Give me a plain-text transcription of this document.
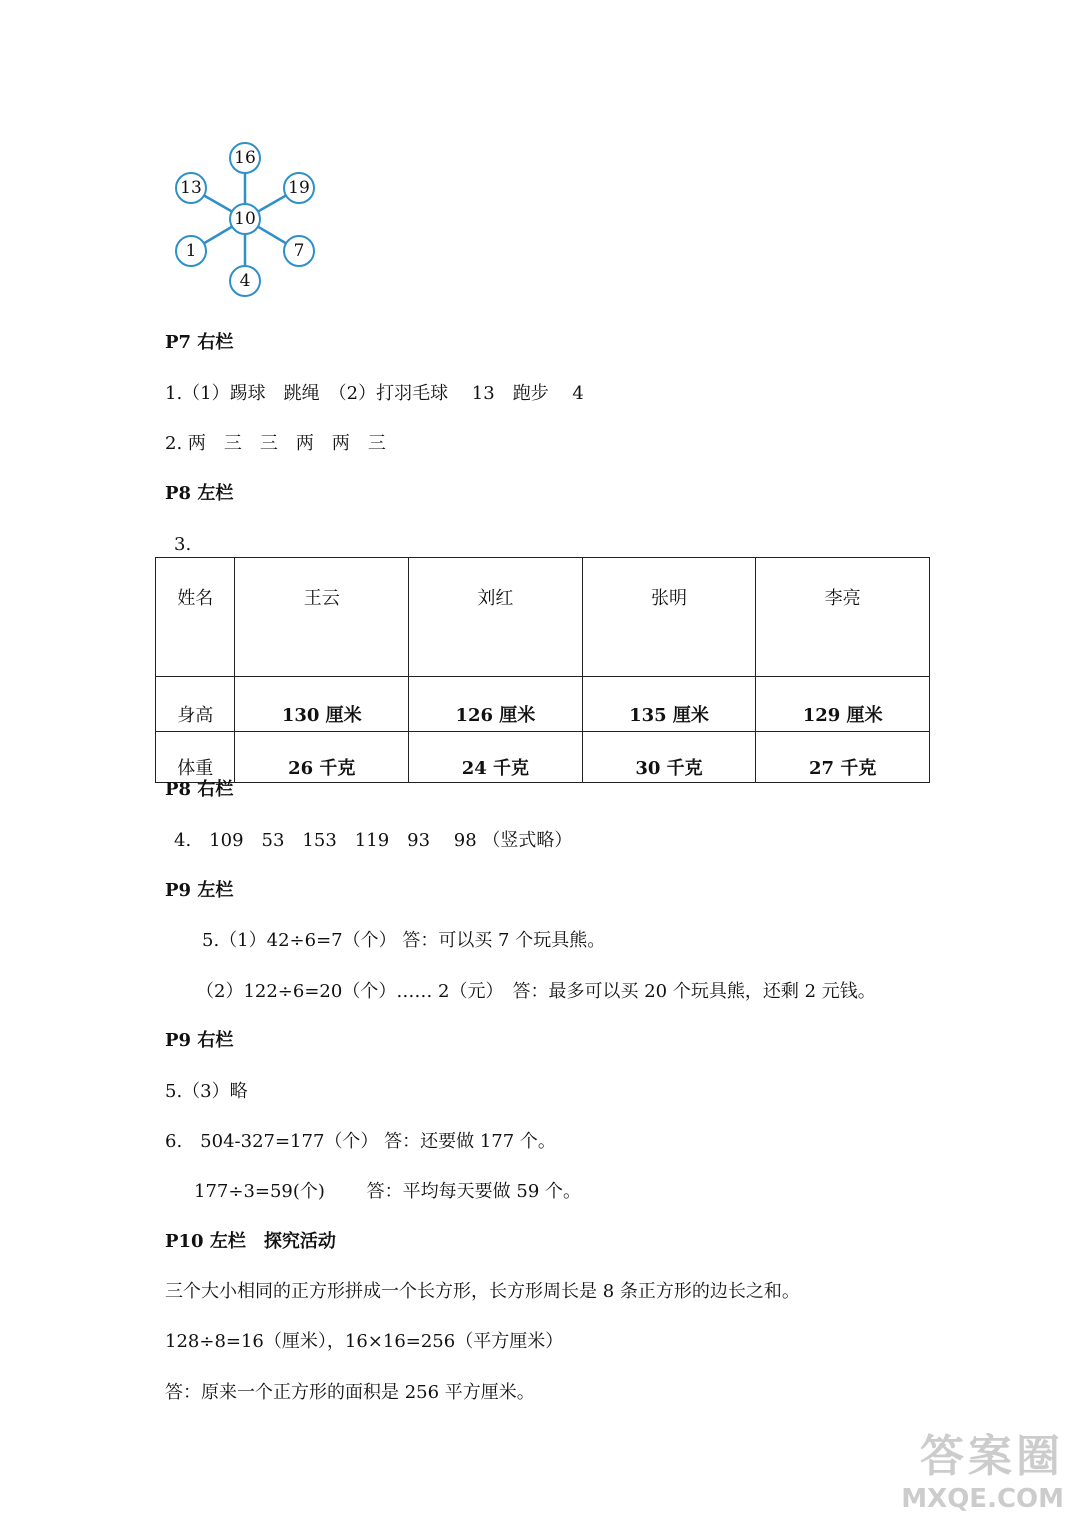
16
19
7
4
1
13
10
P7 右栏
1.（1）踢球　跳绳　（2）打羽毛球　 13　跑步　 4
2. 两　三　三　两　两　三
P8 左栏
3.
姓名	王云	刘红	张明	李亮
身高	130 厘米	126 厘米	135 厘米	129 厘米
体重	26 千克	24 千克	30 千克	27 千克
P8 右栏
4.　109　53　153　119　93　 98 （竖式略）
P9 左栏
5.（1）42÷6=7（个） 答：可以买 7 个玩具熊。
（2）122÷6=20（个）…… 2（元）　答：最多可以买 20 个玩具熊，还剩 2 元钱。
P9 右栏
5.（3）略
6.　504-327=177（个） 答：还要做 177 个。
177÷3=59(个)　　 答：平均每天要做 59 个。
P10 左栏　探究活动
三个大小相同的正方形拼成一个长方形，长方形周长是 8 条正方形的边长之和。
128÷8=16（厘米），16×16=256（平方厘米）
答：原来一个正方形的面积是 256 平方厘米。
答案圈
MXQE.COM
